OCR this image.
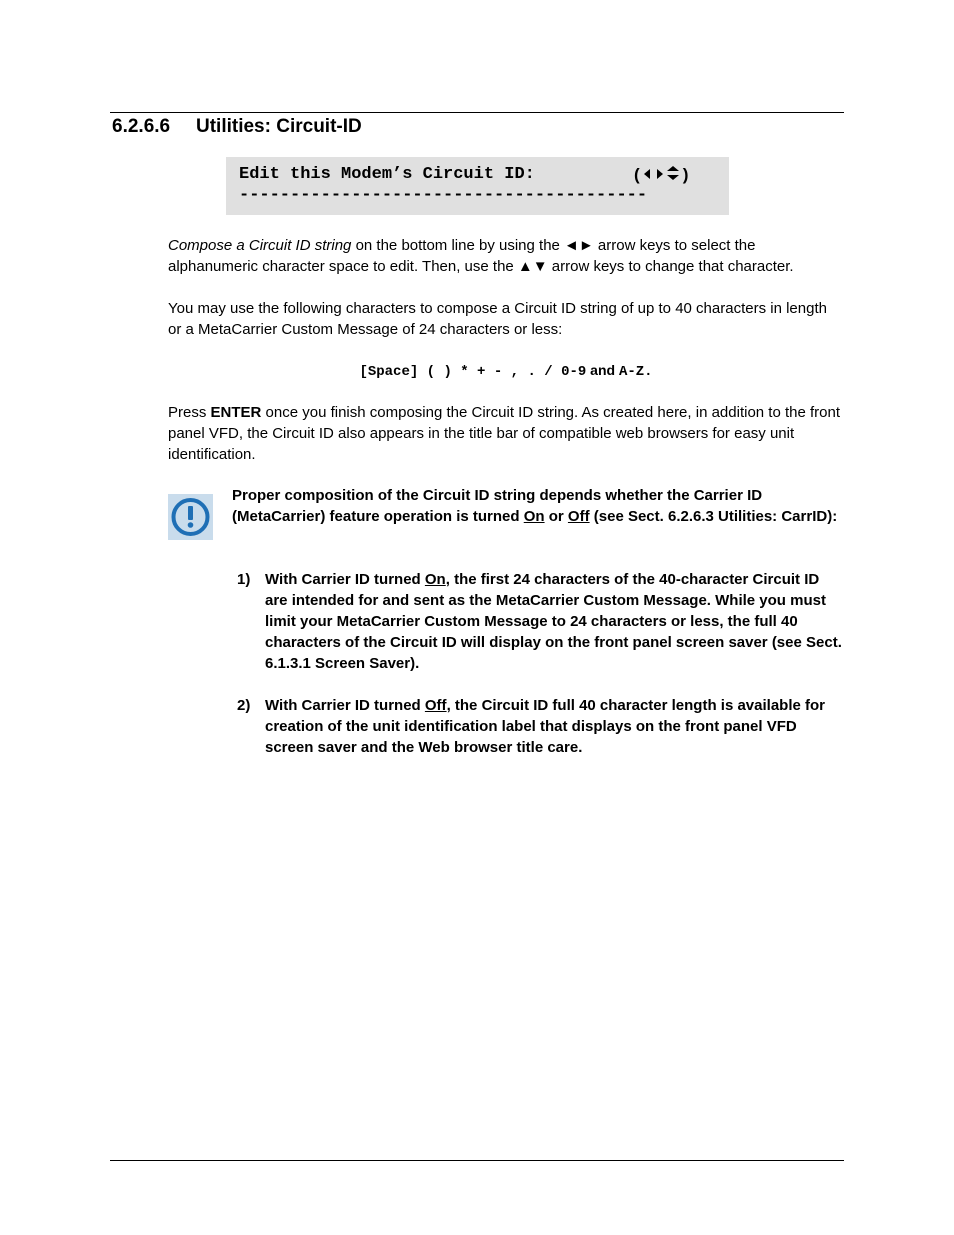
6.2.6.6 Utilities: Circuit-ID
Edit this Modem’s Circuit ID:	( )
----------------------------------------
Compose a Circuit ID string on the bottom line by using the ◄► arrow keys to select the alphanumeric character space to edit. Then, use the ▲▼ arrow keys to change that character.
You may use the following characters to compose a Circuit ID string of up to 40 characters in length or a MetaCarrier Custom Message of 24 characters or less:
[Space] ( ) * + - , . / 0-9 and A-Z.
Press ENTER once you finish composing the Circuit ID string. As created here, in addition to the front panel VFD, the Circuit ID also appears in the title bar of compatible web browsers for easy unit identification.
Proper composition of the Circuit ID string depends whether the Carrier ID (MetaCarrier) feature operation is turned On or Off (see Sect. 6.2.6.3 Utilities: CarrID):
1) With Carrier ID turned On, the first 24 characters of the 40-character Circuit ID are intended for and sent as the MetaCarrier Custom Message. While you must limit your MetaCarrier Custom Message to 24 characters or less, the full 40 characters of the Circuit ID will display on the front panel screen saver (see Sect. 6.1.3.1 Screen Saver).
2) With Carrier ID turned Off, the Circuit ID full 40 character length is available for creation of the unit identification label that displays on the front panel VFD screen saver and the Web browser title care.
